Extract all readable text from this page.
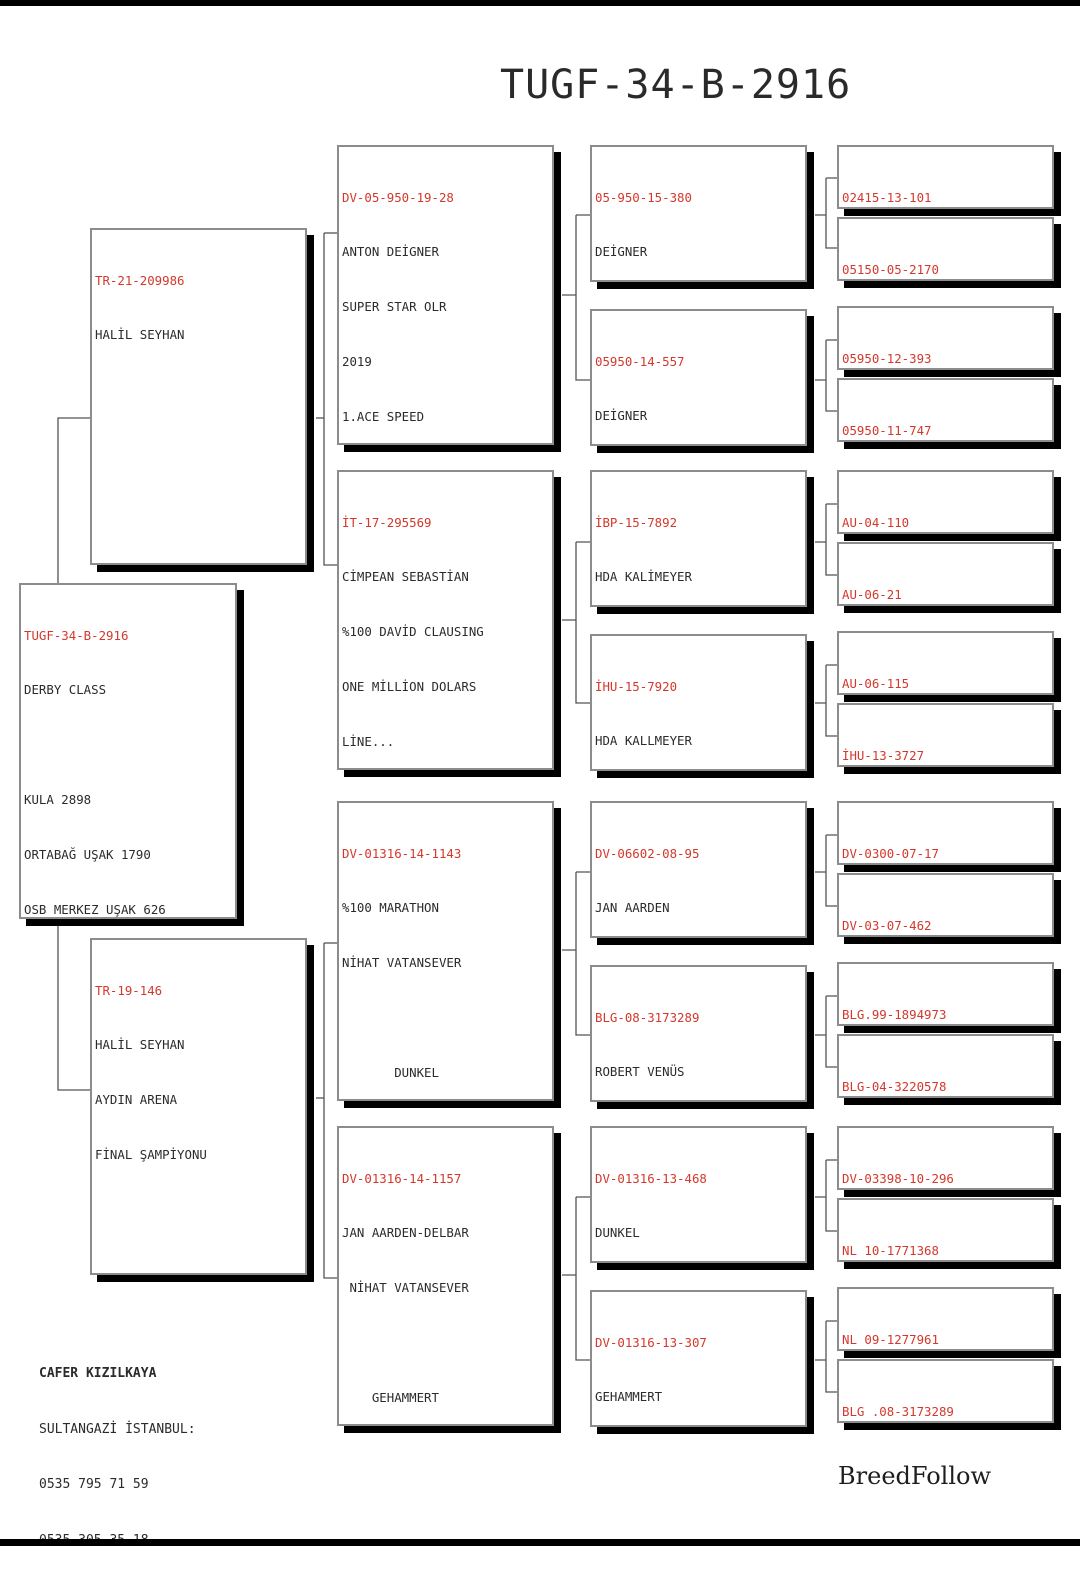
TUGF-34-B-2916

TUGF-34-B-2916

DERBY CLASS

KULA 2898

ORTABAĞ UŞAK 1790

OSB MERKEZ UŞAK 626

TR-21-209986

HALİL SEYHAN

TR-19-146

HALİL SEYHAN

AYDIN ARENA

FİNAL ŞAMPİYONU

DV-05-950-19-28

ANTON DEİGNER

SUPER STAR OLR

2019

1.ACE SPEED

İT-17-295569

CİMPEAN SEBASTİAN

%100 DAVİD CLAUSING

ONE MİLLİON DOLARS

LİNE...

DV-01316-14-1143

%100 MARATHON

NİHAT VATANSEVER

DUNKEL

DV-01316-14-1157

JAN AARDEN-DELBAR

NİHAT VATANSEVER

GEHAMMERT

05-950-15-380

DEİGNER

05950-14-557

DEİGNER

İBP-15-7892

HDA KALİMEYER

İHU-15-7920

HDA KALLMEYER

DV-06602-08-95

JAN AARDEN

BLG-08-3173289

ROBERT VENÜS

DV-01316-13-468

DUNKEL

DV-01316-13-307

GEHAMMERT

02415-13-101

05150-05-2170

05950-12-393

05950-11-747

AU-04-110

AU-06-21

AU-06-115

İHU-13-3727

DV-0300-07-17

DV-03-07-462

BLG.99-1894973

BLG-04-3220578

DV-03398-10-296

NL 10-1771368

NL 09-1277961

BLG .08-3173289

CAFER KIZILKAYA

SULTANGAZİ İSTANBUL:

0535 795 71 59

	BreedFollow
